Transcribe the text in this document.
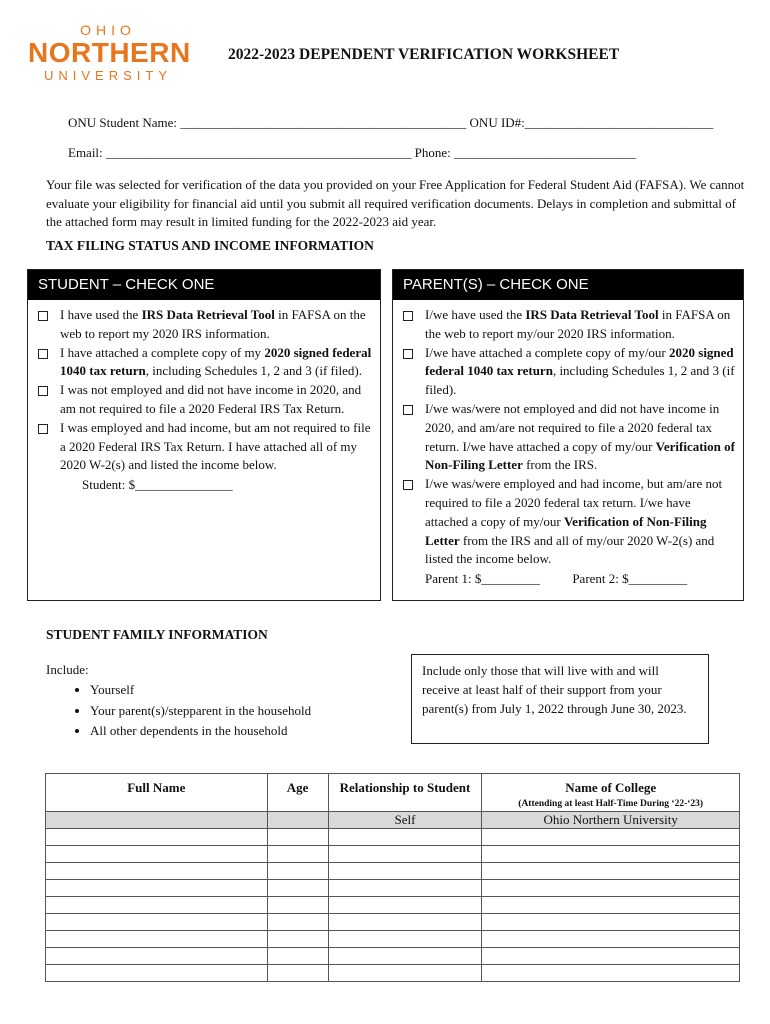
OHIO
NORTHERN
UNIVERSITY
2022-2023 DEPENDENT VERIFICATION WORKSHEET
ONU Student Name: ____________________________________________ ONU ID#:_____________________________
Email: _______________________________________________ Phone: ____________________________
Your file was selected for verification of the data you provided on your Free Application for Federal Student Aid (FAFSA). We cannot evaluate your eligibility for financial aid until you submit all required verification documents. Delays in completion and submittal of the attached form may result in limited funding for the 2022-2023 aid year.
TAX FILING STATUS AND INCOME INFORMATION
STUDENT – CHECK ONE
I have used the IRS Data Retrieval Tool in FAFSA on the web to report my 2020 IRS information.
I have attached a complete copy of my 2020 signed federal 1040 tax return, including Schedules 1, 2 and 3 (if filed).
I was not employed and did not have income in 2020, and am not required to file a 2020 Federal IRS Tax Return.
I was employed and had income, but am not required to file a 2020 Federal IRS Tax Return. I have attached all of my 2020 W-2(s) and listed the income below.
Student: $_______________
PARENT(S) – CHECK ONE
I/we have used the IRS Data Retrieval Tool in FAFSA on the web to report my/our 2020 IRS information.
I/we have attached a complete copy of my/our 2020 signed federal 1040 tax return, including Schedules 1, 2 and 3 (if filed).
I/we was/were not employed and did not have income in 2020, and am/are not required to file a 2020 federal tax return. I/we have attached a copy of my/our Verification of Non-Filing Letter from the IRS.
I/we was/were employed and had income, but am/are not required to file a 2020 federal tax return. I/we have attached a copy of my/our Verification of Non-Filing Letter from the IRS and all of my/our 2020 W-2(s) and listed the income below.
Parent 1: $_________	Parent 2: $_________
STUDENT FAMILY INFORMATION
Include:
• Yourself
• Your parent(s)/stepparent in the household
• All other dependents in the household
Include only those that will live with and will receive at least half of their support from your parent(s) from July 1, 2022 through June 30, 2023.
Full Name	Age	Relationship to Student	Name of College
(Attending at least Half-Time During ‘22-‘23)

		Self	Ohio Northern University
